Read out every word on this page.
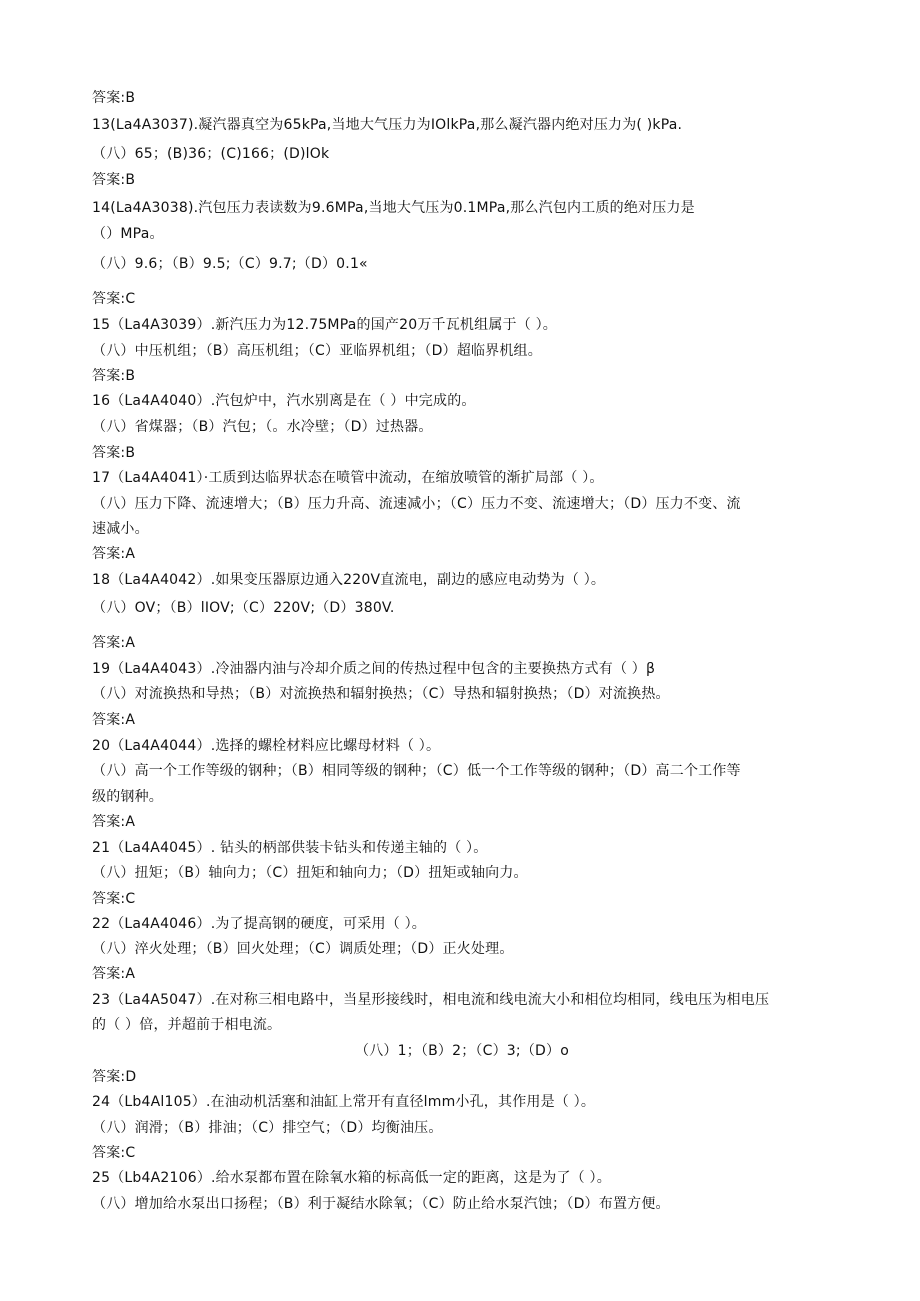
答案:B
13(La4A3037).凝汽器真空为65kPa,当地大气压力为IOlkPa,那么凝汽器内绝对压力为( )kPa.
（八）65；(B)36；(C)166；(D)lOk
答案:B
14(La4A3038).汽包压力表读数为9.6MPa,当地大气压为0.1MPa,那么汽包内工质的绝对压力是
（）MPa。
（八）9.6；（B）9.5;（C）9.7;（D）0.1«
答案:C
15（La4A3039）.新汽压力为12.75MPa的国产20万千瓦机组属于（ ）。
（八）中压机组；（B）高压机组；（C）亚临界机组；（D）超临界机组。
答案:B
16（La4A4040）.汽包炉中，汽水别离是在（ ）中完成的。
（八）省煤器；（B）汽包；（。水冷壁；（D）过热器。
答案:B
17（La4A4041）·工质到达临界状态在喷管中流动，在缩放喷管的渐扩局部（ ）。
（八）压力下降、流速增大；（B）压力升高、流速减小；（C）压力不变、流速增大；（D）压力不变、流
速减小。
答案:A
18（La4A4042）.如果变压器原边通入220V直流电，副边的感应电动势为（ ）。
（八）OV；（B）lIOV;（C）220V;（D）380V.
答案:A
19（La4A4043）.冷油器内油与冷却介质之间的传热过程中包含的主要换热方式有（ ）β
（八）对流换热和导热；（B）对流换热和辐射换热；（C）导热和辐射换热；（D）对流换热。
答案:A
20（La4A4044）.选择的螺栓材料应比螺母材料（ ）。
（八）高一个工作等级的钢种；（B）相同等级的钢种；（C）低一个工作等级的钢种；（D）高二个工作等
级的钢种。
答案:A
21（La4A4045）. 钻头的柄部供装卡钻头和传递主轴的（ ）。
（八）扭矩；（B）轴向力；（C）扭矩和轴向力；（D）扭矩或轴向力。
答案:C
22（La4A4046）.为了提高钢的硬度，可采用（ ）。
（八）淬火处理；（B）回火处理；（C）调质处理；（D）正火处理。
答案:A
23（La4A5047）.在对称三相电路中，当星形接线时，相电流和线电流大小和相位均相同，线电压为相电压
的（ ）倍，并超前于相电流。
（八）1；（B）2；（C）3;（D）o
答案:D
24（Lb4Al105）.在油动机活塞和油缸上常开有直径lmm小孔，其作用是（ ）。
（八）润滑；（B）排油；（C）排空气；（D）均衡油压。
答案:C
25（Lb4A2106）.给水泵都布置在除氧水箱的标高低一定的距离，这是为了（ ）。
（八）增加给水泵出口扬程；（B）利于凝结水除氧；（C）防止给水泵汽蚀；（D）布置方便。
